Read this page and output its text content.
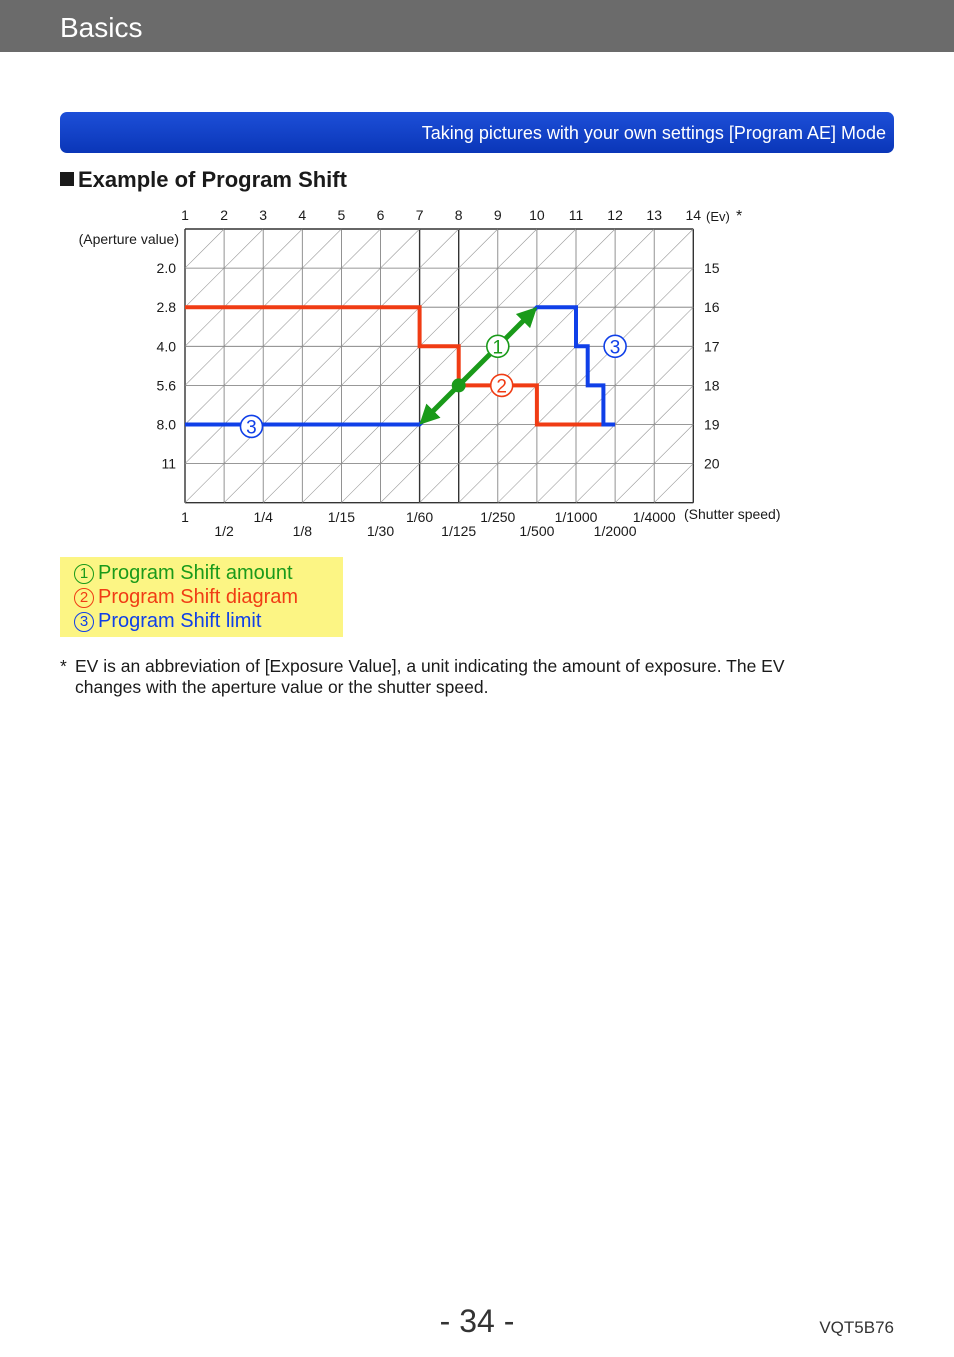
Basics
Taking pictures with your own settings [Program AE] Mode
Example of Program Shift
1 2 3 4 5 6 7 8 9 10 11 12 13 14 (Ev) *
15
16
17
18
19
20
(Aperture value)
2.0
2.8
4.0
5.6
8.0
11
1
1/2
1/4
1/8
1/15
1/30
1/60
1/125
1/250
1/500
1/1000
1/2000
1/4000 (Shutter speed)
1
2
3
3
1 Program Shift amount
2 Program Shift diagram
3 Program Shift limit
* EV is an abbreviation of [Exposure Value], a unit indicating the amount of exposure. The EV changes with the aperture value or the shutter speed.
- 34 -	VQT5B76
